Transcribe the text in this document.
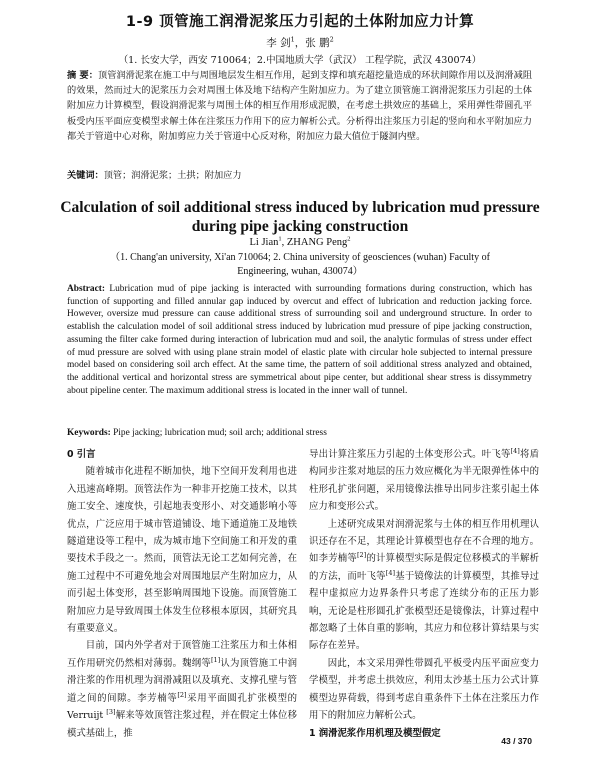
1-9 顶管施工润滑泥浆压力引起的土体附加应力计算
李 剑$^1$，张 鹏$^2$
（1. 长安大学，西安 710064；2.中国地质大学（武汉） 工程学院，武汉 430074）
摘 要：顶管润滑泥浆在施工中与周围地层发生相互作用，起到支撑和填充超挖量造成的环状间隙作用以及润滑减阻的效果，然而过大的泥浆压力会对周围土体及地下结构产生附加应力。为了建立顶管施工润滑泥浆压力引起的土体附加应力计算模型，假设润滑泥浆与周围土体的相互作用形成泥膜，在考虑土拱效应的基础上，采用弹性带圆孔平板受内压平面应变模型求解土体在注浆压力作用下的应力解析公式。分析得出注浆压力引起的竖向和水平附加应力都关于管道中心对称，附加剪应力关于管道中心反对称，附加应力最大值位于隧洞内壁。
关键词：顶管；润滑泥浆；土拱；附加应力
Calculation of soil additional stress induced by lubrication mud pressure
during pipe jacking construction
Li Jian$^1$, ZHANG Peng$^2$
（1. Chang'an university, Xi'an 710064; 2. China university of geosciences (wuhan) Faculty of Engineering, wuhan, 430074）
Abstract: Lubrication mud of pipe jacking is interacted with surrounding formations during construction, which has function of supporting and filled annular gap induced by overcut and effect of lubrication and reduction jacking force. However, oversize mud pressure can cause additional stress of surrounding soil and underground structure. In order to establish the calculation model of soil additional stress induced by lubrication mud pressure of pipe jacking construction, assuming the filter cake formed during interaction of lubrication mud and soil, the analytic formulas of stress under effect of mud pressure are solved with using plane strain model of elastic plate with circular hole subjected to internal pressure model based on considering soil arch effect. At the same time, the pattern of soil additional stress analyzed and obtained, the additional vertical and horizontal stress are symmetrical about pipe center, but additional shear stress is dissymmetry about pipeline center. The maximum additional stress is located in the inner wall of tunnel.
Keywords: Pipe jacking; lubrication mud; soil arch; additional stress

0 引言

随着城市化进程不断加快，地下空间开发利用也进入迅速高峰期。顶管法作为一种非开挖施工技术，以其施工安全、速度快，引起地表变形小、对交通影响小等优点，广泛应用于城市管道铺设、地下通道施工及地铁隧道建设等工程中，成为城市地下空间施工和开发的重要技术手段之一。然而，顶管法无论工艺如何完善，在施工过程中不可避免地会对周围地层产生附加应力，从而引起土体变形，甚至影响周围地下设施。而顶管施工附加应力是导致周围土体发生位移根本原因，其研究具有重要意义。

目前，国内外学者对于顶管施工注浆压力和土体相互作用研究仍然相对薄弱。魏纲等[1]认为顶管施工中润滑注浆的作用机理为润滑减阻以及填充、支撑孔壁与管道之间的间隙。李芳楠等[2]采用平面圆孔扩张模型的 Verruijt [3]解来等效顶管注浆过程，并在假定土体位移模式基础上，推

导出计算注浆压力引起的土体变形公式。叶飞等[4]将盾构同步注浆对地层的压力效应概化为半无限弹性体中的柱形孔扩张问题，采用镜像法推导出同步注浆引起土体应力和变形公式。

上述研究成果对润滑泥浆与土体的相互作用机理认识还存在不足，其理论计算模型也存在不合理的地方。如李芳楠等[2]的计算模型实际是假定位移模式的半解析的方法，而叶飞等[4]基于镜像法的计算模型，其推导过程中虚拟应力边界条件只考虑了连续分布的正压力影响，无论是柱形圆孔扩张模型还是镜像法，计算过程中都忽略了土体自重的影响，其应力和位移计算结果与实际存在差异。

因此，本文采用弹性带圆孔平板受内压平面应变力学模型，并考虑土拱效应，利用太沙基土压力公式计算模型边界荷载，得到考虑自重条件下土体在注浆压力作用下的附加应力解析公式。

1 润滑泥浆作用机理及模型假定

43 / 370
